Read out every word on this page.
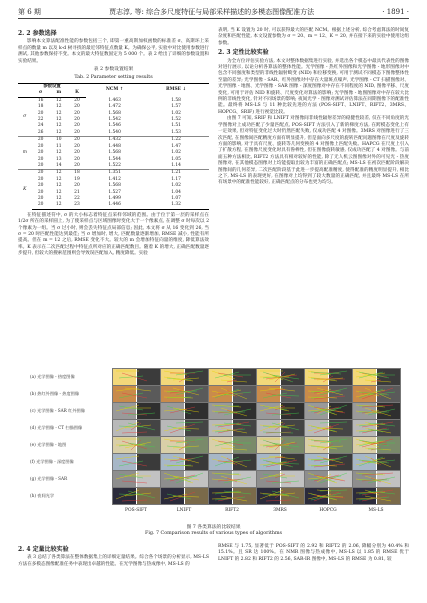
第 6 期	贾志淳, 等: 综合多尺度特征与局部采样描述的多模态图像配准方法	· 1891 ·
2. 2 参数选择

影响本文算法配准性能的参数包括三个, 即第一重高斯加权函数的标准差 σ、高斯环上采样点的数量 m 以及 k-d 树寻找的最近邻特征点数量 K。为确保公平, 实验中对比使用参数进行测试, 其他参数保持不变。本文的最大特征数固定为 5 000 个。表 2 给出了详细的参数设置和实验结果。

表 2 参数设置结果
Tab. 2 Parameter setting results
参数设置				NCM ↑	RMSE ↓
	σ	m	K		
σ	16	12	20	1.463	1.58
	18	12	20	1.472	1.57
	20	12	20	1.568	1.02
	22	12	20	1.542	1.52
	24	12	20	1.546	1.51
	26	12	20	1.540	1.53
m	20	10	20	1.432	1.22
	20	11	20	1.448	1.47
	20	12	20	1.568	1.02
	20	13	20	1.544	1.05
	20	14	20	1.522	1.14
K	20	12	18	1.351	1.21
	20	12	19	1.412	1.17
	20	12	20	1.568	1.02
	20	12	21	1.527	1.04
	20	12	22	1.499	1.07
	20	12	23	1.446	1.32

在特征描述符中, σ 的大小标志着特征点采样邻域的范围。由于位于第一层的采样点在 1/2σ 所在的采样圆上, 为了使采样点与区域图像时变化大于一个像素点, 在调整 σ 时每次以 2 个像素为一组。当 σ 过小时, 则会丢失特征点局部信息; 因此, 本文将 σ 从 16 变化到 26, 当 σ = 20 时匹配性能达到最佳; 当 σ 增加时, 增大, 匹配数量逐渐增加, RMSE 减小, 性能有所提高。但在 m = 12 之后, RMSE 变化不大。较大的 m 会增加特征向量的维度, 降低算法效率。K 表示在二次匹配过程中特征点所对应的正确匹配数目。随着 K 的增大, 正确匹配数量逐步提升, 但较大的搜索范围则会导致误匹配加入, 精度降低。实验

表明, 当 K 设置为 20 时, 可以获得最大的匹配 NCM。根据上述分析, 综合考虑算法的时间复杂度和匹配性能, 本文设置参数为 σ = 20、m = 12、K = 20, 并在接下来的实验中使用这组参数。

2. 3 定性比较实验

为全方位评估实验方法, 本文对整体数据集进行实验, 并选出各个模态中最具代表性的图像对进行展示, 以论分析各算法的整体性能。光学图像 - 热红外图像和光学图像 - 地形图像对中包含不同强度和类型的非线性辐射畸变 (NID) 和位移变换, 可用于测试不同模态下图像整体性至量的差异; 光学图像 - SAR、红外图像对中存在大量斑点噪声, 光学图像 - CT 扫描图像对、光学图像 - 地图、光学图像 - SAR 图像 - 深度图像对中存在不同程度的 NID, 图像平移、尺度变化, 可用于评估 NID 和旋转、尺度变化对算法的影响; 光学图像 - 地图图像对中存在较大比例的非线性变化, 针对不同场景的影响; 夜间光学 - 图像对测试评估算法在同期图像下的配准性能。最终将 MS-LS 与 11 种比较先进的方法 (POS-SIFT、LNIFT、RIFT2、3MRS、HOPCG、SRIF) 进行视觉比较。

由图 7 可知, SRIF 和 LNIFT 对图像间非线性辐射差异的稳健性较差, 仅在不同角度的光学图像对上成功匹配了少量匹配点, POS-SIFT 方法引入了新的梯度方法, 在跨模态变化上有一定效果, 但对特征变化过大时仍然匹配失败, 仅成功匹配 4 对图像。3MRS 对图像进行了三次匹配, 在图像间匹配精度方面有明显提升, 但是面向多尺度的旋转匹配问题图像在尺度及旋转方面的影响, 对于具有尺度、旋转等几何变换的 4 对图像上匹配失败。HAPCG 在尺度上引入了扩散方程, 在图像尺度变化时具有鲁棒性, 但在图像旋转敏感, 仅成功匹配了 4 对图像。与前面五种方法相比, RIFT2 方法具有相对较好的性能, 除了无人机云图图像对外的可见光 - 热度图像对, 在其他模态图像对上均能提取出较为丰富的正确匹配点; MS-LS 在初次匹配阶段解决图像间的几何差异, 二次匹配阶段基于此进一步提高配准精度, 使得配准的精度明显提升, 相比之下, MS-LS 的表现更好, 在图像对上均得到了较大数量的正确匹配, 并且最终 MS-LS 在所有场景中的配准性能较好, 正确匹配点的分布也更为均匀。

(a) 光学图像 - 热度图像
(b) 热红外图像 - 热度图像
(c) 光学图像 - SAR 红外图像
(d) 光学图像 - CT 扫描图像
(e) 光学图像 - 地图
(f) 光学图像 - 深度图像
(g) 光学图像 - SAR
(h) 夜间光学
POS-SIFT	LNIFT	RIFT2	3MRS	HOPCG	MS-LS
图 7 各类算法的比较结果
Fig. 7 Comparison results of various types of algorithms
2. 4 定量比较实验

表 3 总结了各类算法在整体数据集上的详细定量结果。综合各个场景的分析显示, MS-LS 方法在多模态图像配准任务中表现出卓越的性能。在光学图像与热成像中, MS-LS 的

RMSE 与 1.75, 显著低于 POS-SIFT 的 2.92 和 RIFT2 的 2.06, 降幅分别为 40.4% 和 15.1%。且 SR 达 100%。在 NMR 图像与热成像中, MS-LS 以 1.85 的 RMSE 优于 LNIFT 的 2.82 和 RIFT2 的 2.56, SAR-IR 图像中, MS-LS 的 RMSE 为 0.81, 较
